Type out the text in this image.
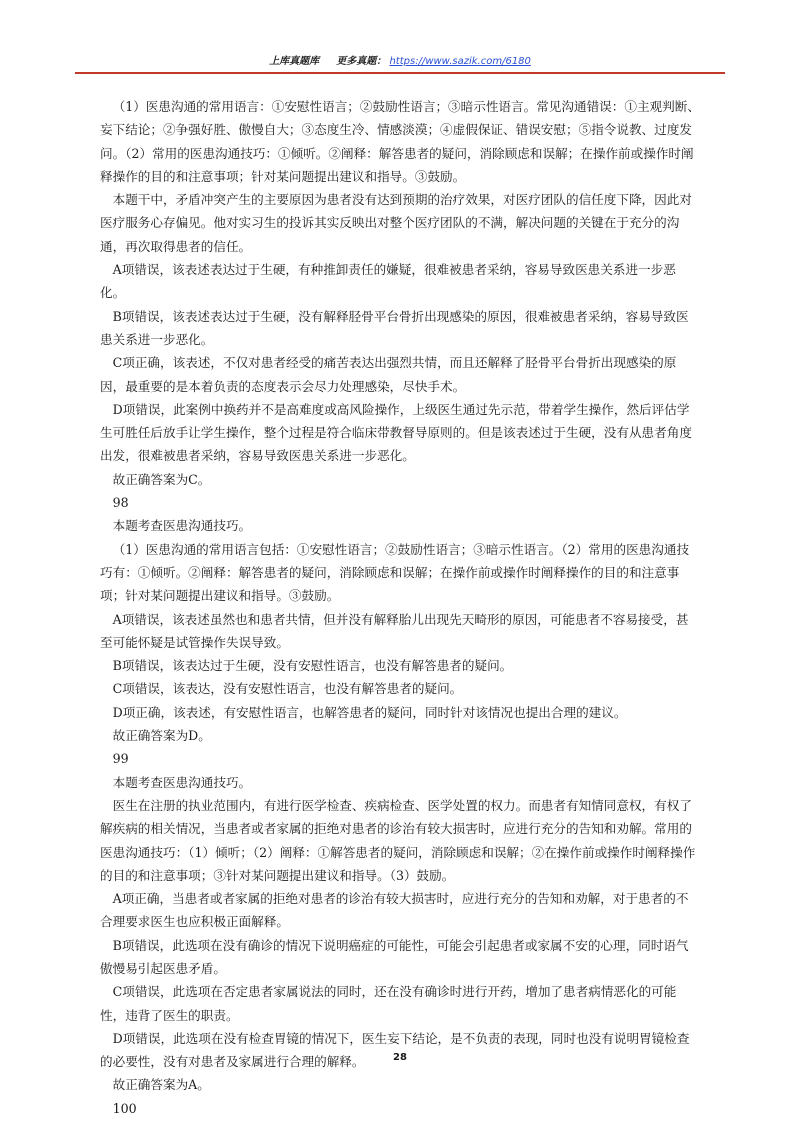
上库真题库 更多真题： https://www.sazik.com/6180

（1）医患沟通的常用语言：①安慰性语言；②鼓励性语言；③暗示性语言。常见沟通错误：①主观判断、妄下结论；②争强好胜、傲慢自大；③态度生冷、情感淡漠；④虚假保证、错误安慰；⑤指令说教、过度发问。（2）常用的医患沟通技巧：①倾听。②阐释：解答患者的疑问，消除顾虑和误解；在操作前或操作时阐释操作的目的和注意事项；针对某问题提出建议和指导。③鼓励。

本题干中，矛盾冲突产生的主要原因为患者没有达到预期的治疗效果，对医疗团队的信任度下降，因此对医疗服务心存偏见。他对实习生的投诉其实反映出对整个医疗团队的不满，解决问题的关键在于充分的沟通，再次取得患者的信任。

A项错误，该表述表达过于生硬，有种推卸责任的嫌疑，很难被患者采纳，容易导致医患关系进一步恶化。

B项错误，该表述表达过于生硬，没有解释胫骨平台骨折出现感染的原因，很难被患者采纳，容易导致医患关系进一步恶化。

C项正确，该表述，不仅对患者经受的痛苦表达出强烈共情，而且还解释了胫骨平台骨折出现感染的原因，最重要的是本着负责的态度表示会尽力处理感染，尽快手术。

D项错误，此案例中换药并不是高难度或高风险操作，上级医生通过先示范，带着学生操作，然后评估学生可胜任后放手让学生操作，整个过程是符合临床带教督导原则的。但是该表述过于生硬，没有从患者角度出发，很难被患者采纳，容易导致医患关系进一步恶化。

故正确答案为C。

98

本题考查医患沟通技巧。

（1）医患沟通的常用语言包括：①安慰性语言；②鼓励性语言；③暗示性语言。（2）常用的医患沟通技巧有：①倾听。②阐释：解答患者的疑问，消除顾虑和误解；在操作前或操作时阐释操作的目的和注意事项；针对某问题提出建议和指导。③鼓励。

A项错误，该表述虽然也和患者共情，但并没有解释胎儿出现先天畸形的原因，可能患者不容易接受，甚至可能怀疑是试管操作失误导致。

B项错误，该表达过于生硬，没有安慰性语言，也没有解答患者的疑问。

C项错误，该表达，没有安慰性语言，也没有解答患者的疑问。

D项正确，该表述，有安慰性语言，也解答患者的疑问，同时针对该情况也提出合理的建议。

故正确答案为D。

99

本题考查医患沟通技巧。

医生在注册的执业范围内，有进行医学检查、疾病检查、医学处置的权力。而患者有知情同意权，有权了解疾病的相关情况，当患者或者家属的拒绝对患者的诊治有较大损害时，应进行充分的告知和劝解。常用的医患沟通技巧：（1）倾听；（2）阐释：①解答患者的疑问，消除顾虑和误解；②在操作前或操作时阐释操作的目的和注意事项；③针对某问题提出建议和指导。（3）鼓励。

A项正确，当患者或者家属的拒绝对患者的诊治有较大损害时，应进行充分的告知和劝解，对于患者的不合理要求医生也应积极正面解释。

B项错误，此选项在没有确诊的情况下说明癌症的可能性，可能会引起患者或家属不安的心理，同时语气傲慢易引起医患矛盾。

C项错误，此选项在否定患者家属说法的同时，还在没有确诊时进行开药，增加了患者病情恶化的可能性，违背了医生的职责。

D项错误，此选项在没有检查胃镜的情况下，医生妄下结论，是不负责的表现，同时也没有说明胃镜检查的必要性，没有对患者及家属进行合理的解释。

故正确答案为A。

100

28
